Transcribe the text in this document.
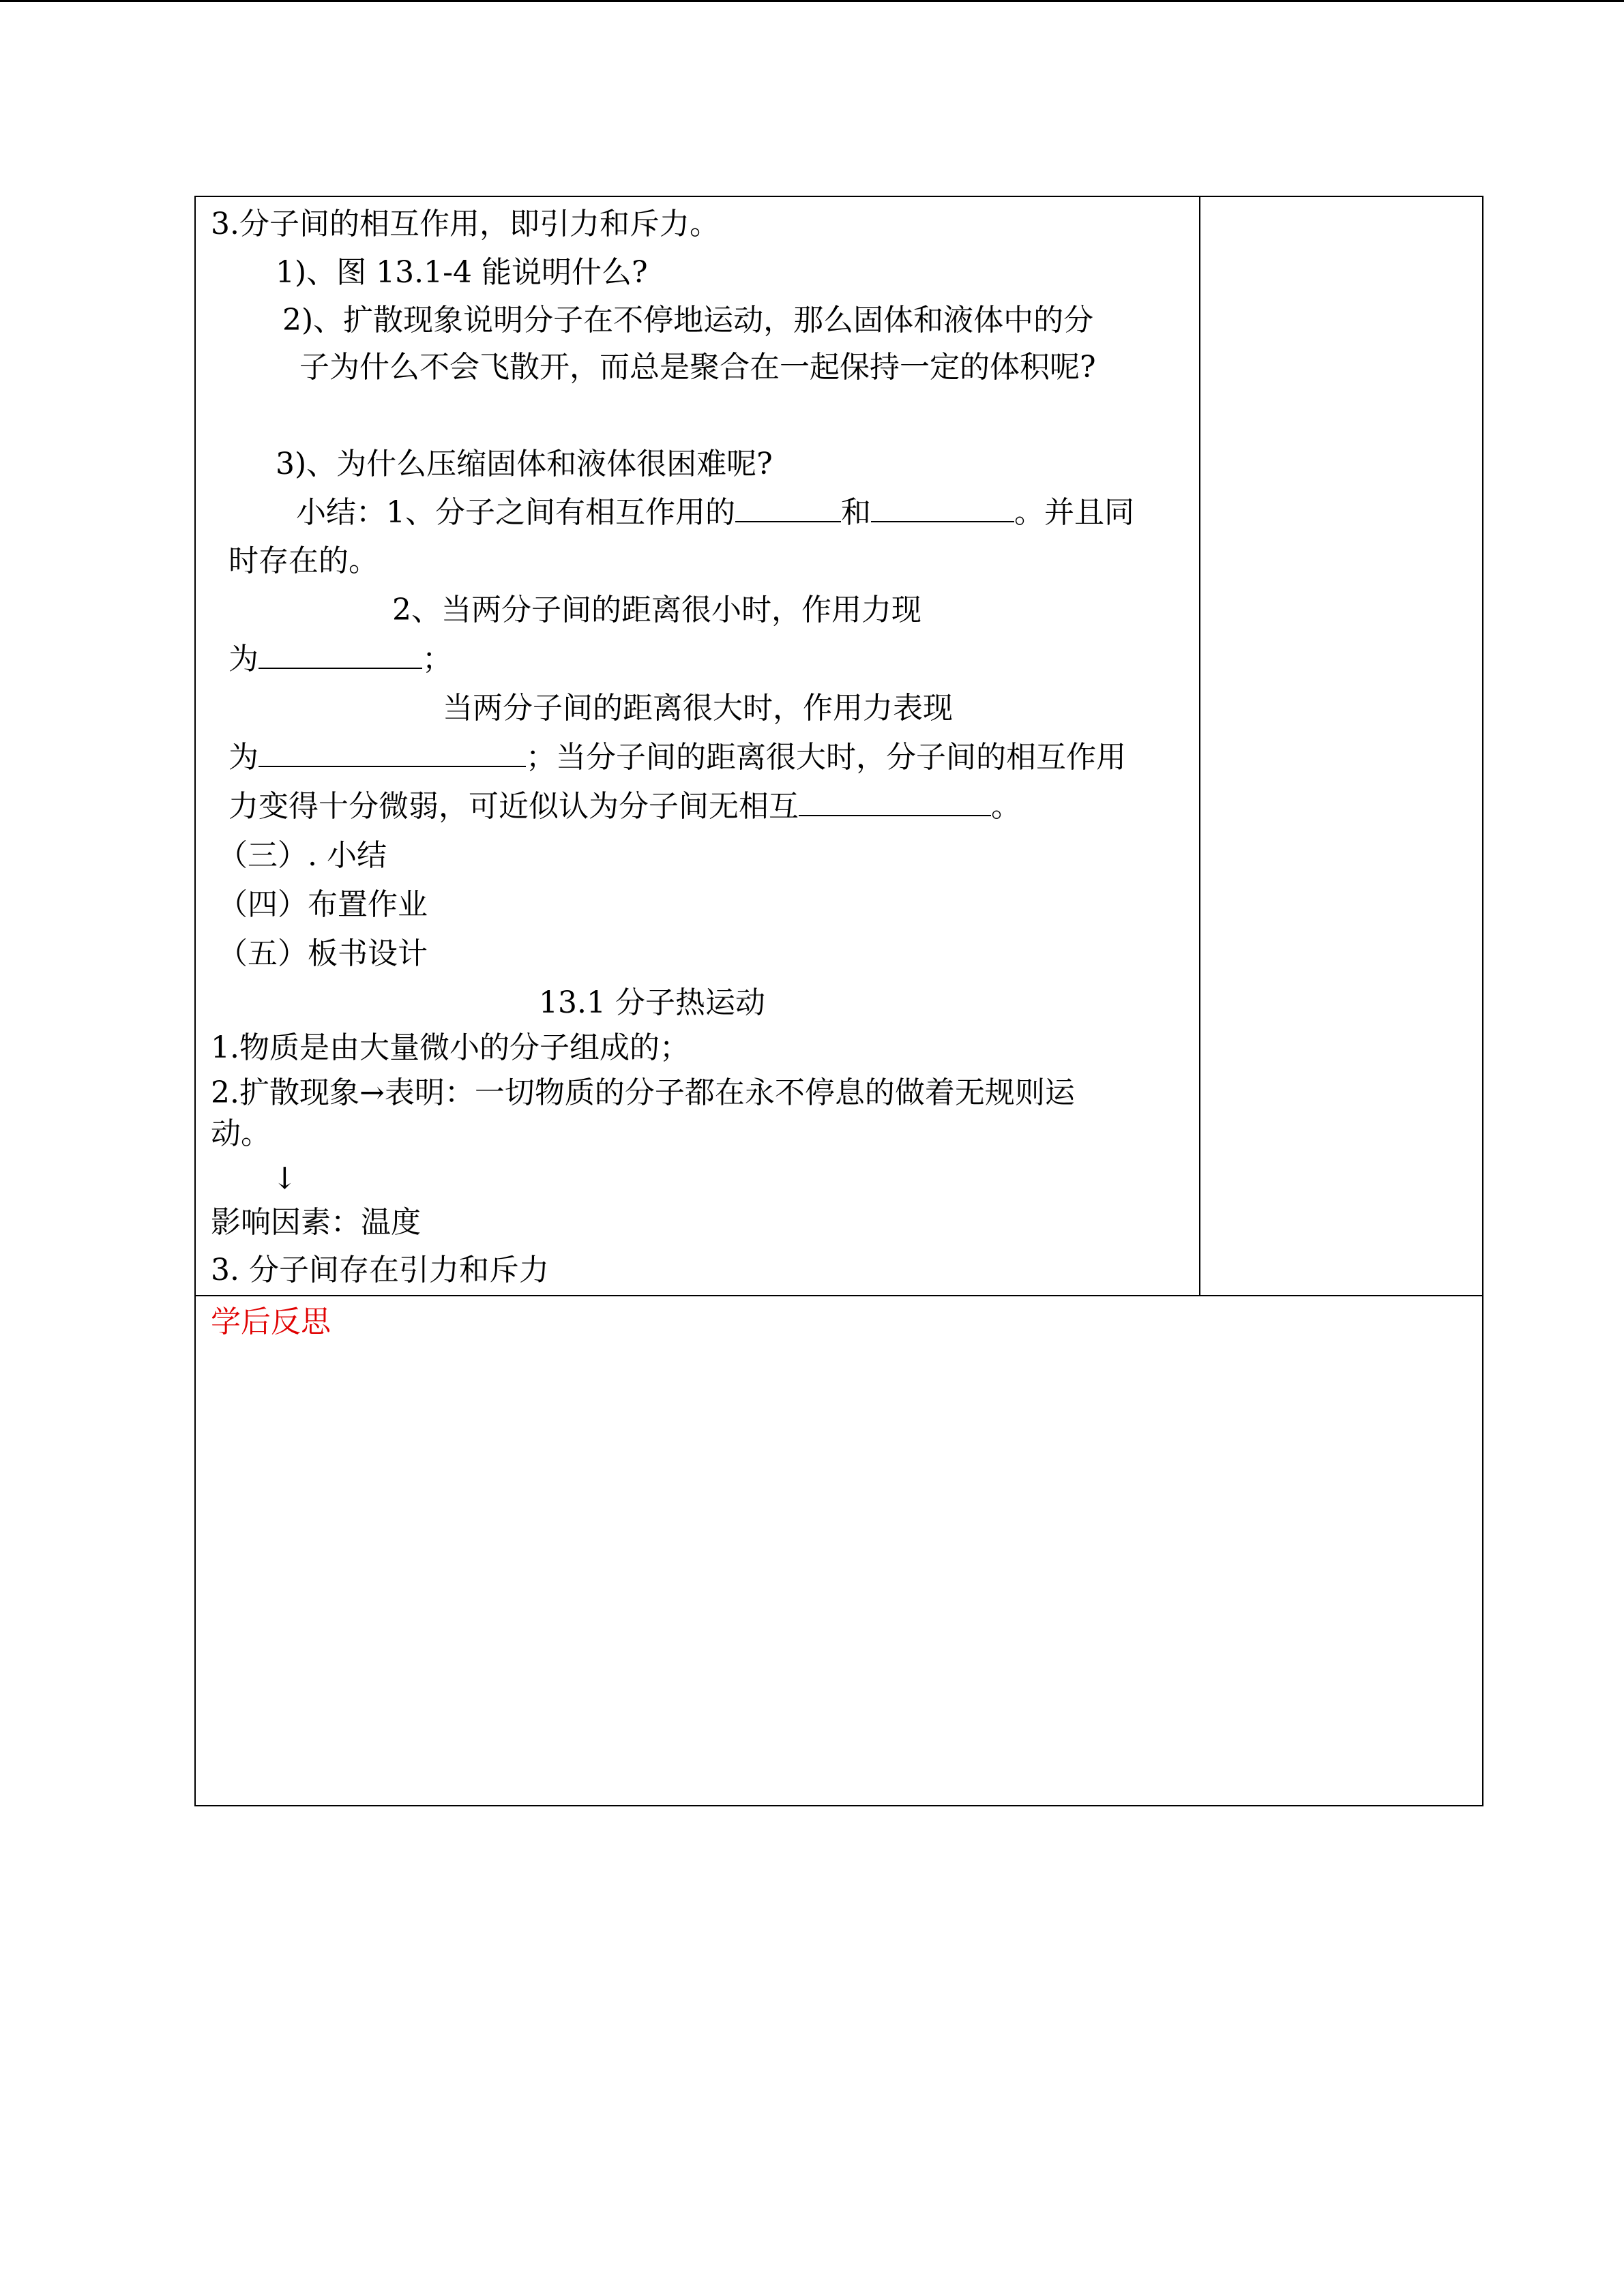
3.分子间的相互作用，即引力和斥力。

1)、图 13.1-4 能说明什么?

2)、扩散现象说明分子在不停地运动，那么固体和液体中的分

子为什么不会飞散开，而总是聚合在一起保持一定的体积呢?

3)、为什么压缩固体和液体很困难呢?

小结：1、分子之间有相互作用的	和	。并且同

时存在的。

2、当两分子间的距离很小时，作用力现

为	；

当两分子间的距离很大时，作用力表现

为	；当分子间的距离很大时，分子间的相互作用

力变得十分微弱，可近似认为分子间无相互	。

（三）. 小结

（四）布置作业

（五）板书设计

13.1 分子热运动

1.物质是由大量微小的分子组成的；

2.扩散现象→表明：一切物质的分子都在永不停息的做着无规则运

动。

↓

影响因素：温度

3. 分子间存在引力和斥力

学后反思
